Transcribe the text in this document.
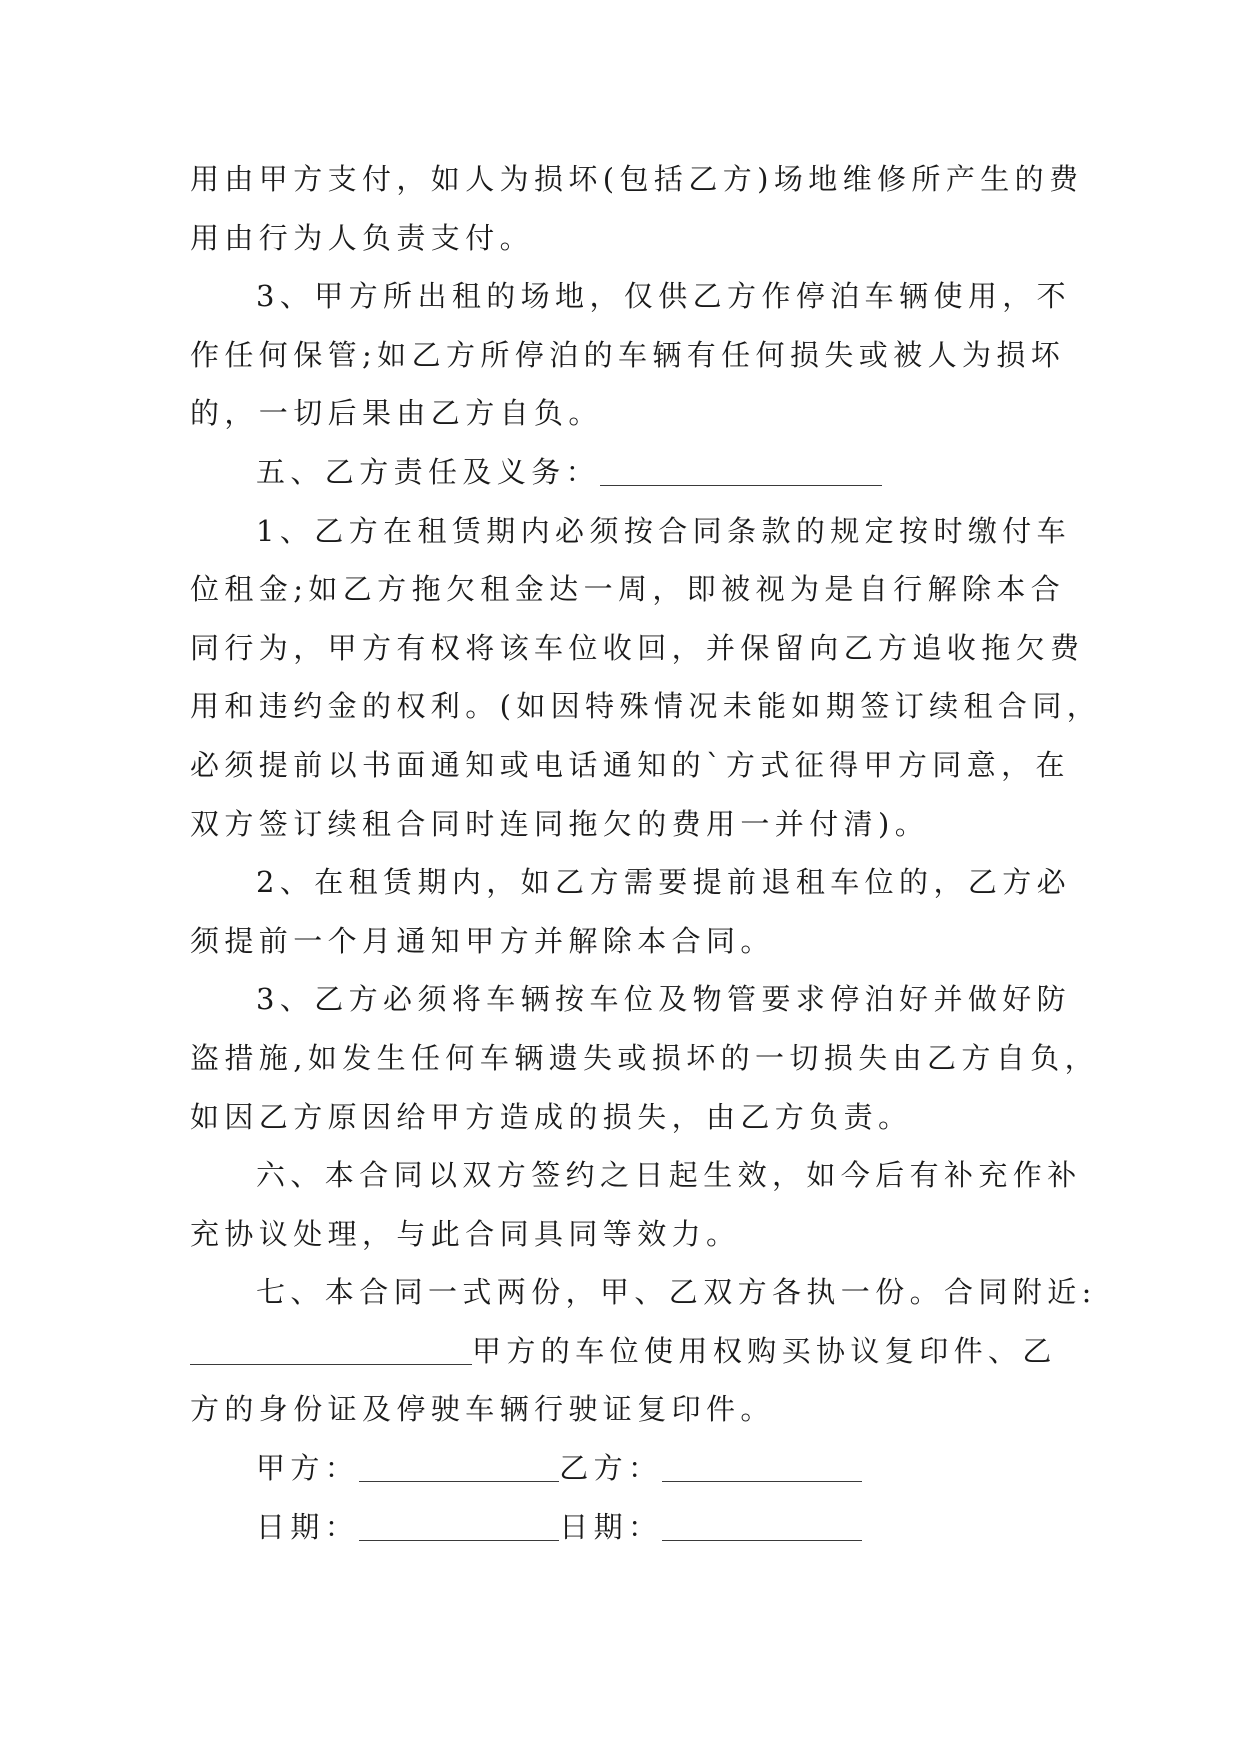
用由甲方支付，如人为损坏(包括乙方)场地维修所产生的费
用由行为人负责支付。
3、甲方所出租的场地，仅供乙方作停泊车辆使用，不
作任何保管;如乙方所停泊的车辆有任何损失或被人为损坏
的，一切后果由乙方自负。
五、乙方责任及义务：
1、乙方在租赁期内必须按合同条款的规定按时缴付车
位租金;如乙方拖欠租金达一周，即被视为是自行解除本合
同行为，甲方有权将该车位收回，并保留向乙方追收拖欠费
用和违约金的权利。(如因特殊情况未能如期签订续租合同，
必须提前以书面通知或电话通知的`方式征得甲方同意，在
双方签订续租合同时连同拖欠的费用一并付清)。
2、在租赁期内，如乙方需要提前退租车位的，乙方必
须提前一个月通知甲方并解除本合同。
3、乙方必须将车辆按车位及物管要求停泊好并做好防
盗措施,如发生任何车辆遗失或损坏的一切损失由乙方自负，
如因乙方原因给甲方造成的损失，由乙方负责。
六、本合同以双方签约之日起生效，如今后有补充作补
充协议处理，与此合同具同等效力。
七、本合同一式两份，甲、乙双方各执一份。合同附近:
甲方的车位使用权购买协议复印件、乙
方的身份证及停驶车辆行驶证复印件。
甲方：	乙方：
日期：	日期：
